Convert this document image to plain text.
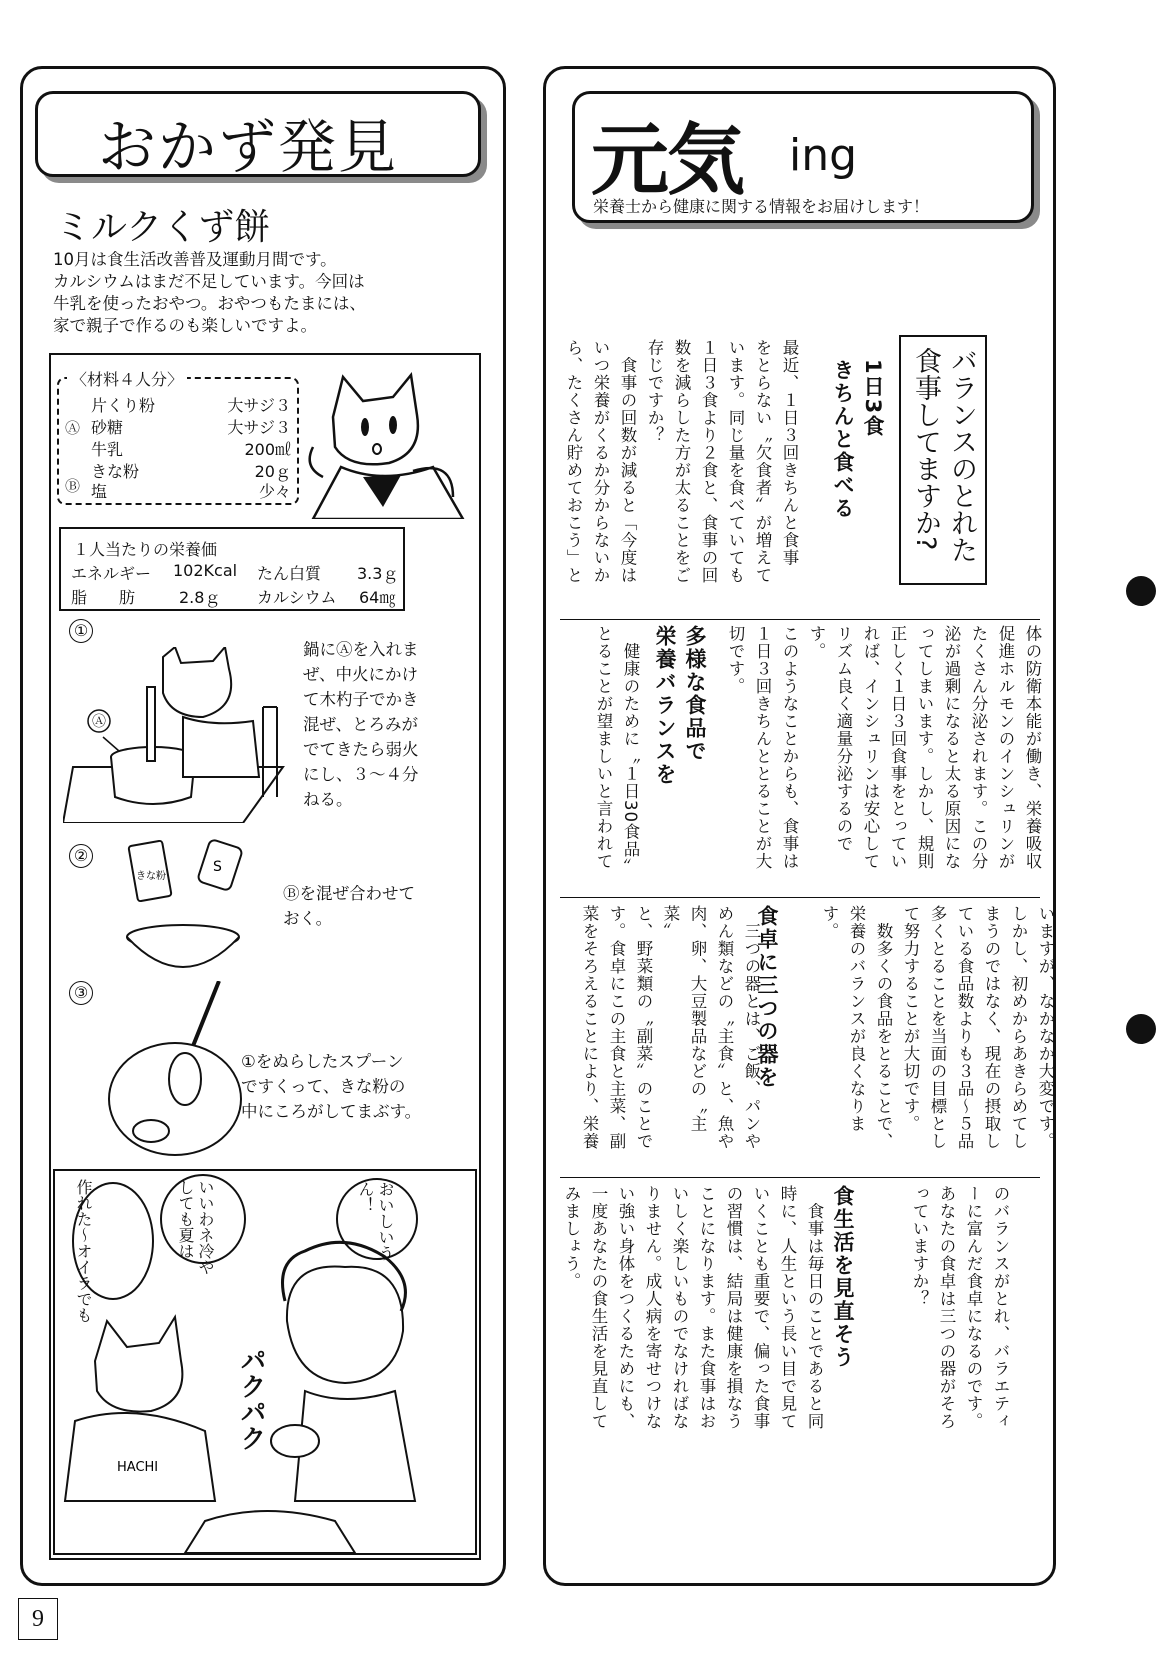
おかず発見
ミルクくず餅
10月は食生活改善普及運動月間です。
カルシウムはまだ不足しています。今回は
牛乳を使ったおやつ。おやつもたまには、
家で親子で作るのも楽しいですよ。
〈材料４人分〉
Ⓐ
Ⓑ
片くり粉	大サジ３
砂糖	大サジ３
牛乳	200㎖
きな粉	20ｇ
塩	少々
１人当たりの栄養価
エネルギー 102Kcal たん白質 3.3ｇ
脂　　肪	2.8ｇ カルシウム 64㎎
①
鍋にⒶを入れま
ぜ、中火にかけ
て木杓子でかき
混ぜ、とろみが
でてきたら弱火
にし、３～４分
ねる。
Ⓐ
②
Ⓑを混ぜ合わせて
おく。
きな粉
S
③
①をぬらしたスプーン
ですくって、きな粉の
中にころがしてまぶす。
作れた～オイラでも	いいわネ冷やしても夏は	おいしいうん！
パクパク
HACHI
9
元気 ing
栄養士から健康に関する情報をお届けします！
バランスのとれた
食事してますか?
1日3食
きちんと食べる
最近、１日３回きちんと食事
をとらない〝欠食者〟が増えて
います。同じ量を食べていても
１日３食より２食と、食事の回
数を減らした方が太ることをご
存じですか？
　食事の回数が減ると「今度は
いつ栄養がくるか分からないか
ら、たくさん貯めておこう」と
体の防衛本能が働き、栄養吸収
促進ホルモンのインシュリンが
たくさん分泌されます。この分
泌が過剰になると太る原因にな
ってしまいます。しかし、規則
正しく１日３回食事をとってい
れば、インシュリンは安心して
リズム良く適量分泌するのです。
このようなことからも、食事は
１日３回きちんととることが大
切です。
多様な食品で
栄養バランスを
　健康のために〝１日30食品〟
とることが望ましいと言われて
いますが、なかなか大変です。
しかし、初めからあきらめてし
まうのではなく、現在の摂取し
ている食品数よりも３品～５品
多くとることを当面の目標とし
て努力することが大切です。
　数多くの食品をとることで、
栄養のバランスが良くなります。
食卓に三つの器を
　三つの器とは、ご飯、パンや
めん類などの〝主食〟と、魚や
肉、卵、大豆製品などの〝主菜〟
と、野菜類の〝副菜〟のことで
す。食卓にこの主食と主菜、副
菜をそろえることにより、栄養
のバランスがとれ、バラエティ
ーに富んだ食卓になるのです。
あなたの食卓は三つの器がそろ
っていますか？
食生活を見直そう
　食事は毎日のことであると同
時に、人生という長い目で見て
いくことも重要で、偏った食事
の習慣は、結局は健康を損なう
ことになります。また食事はお
いしく楽しいものでなければな
りません。成人病を寄せつけな
い強い身体をつくるためにも、
一度あなたの食生活を見直して
みましょう。
